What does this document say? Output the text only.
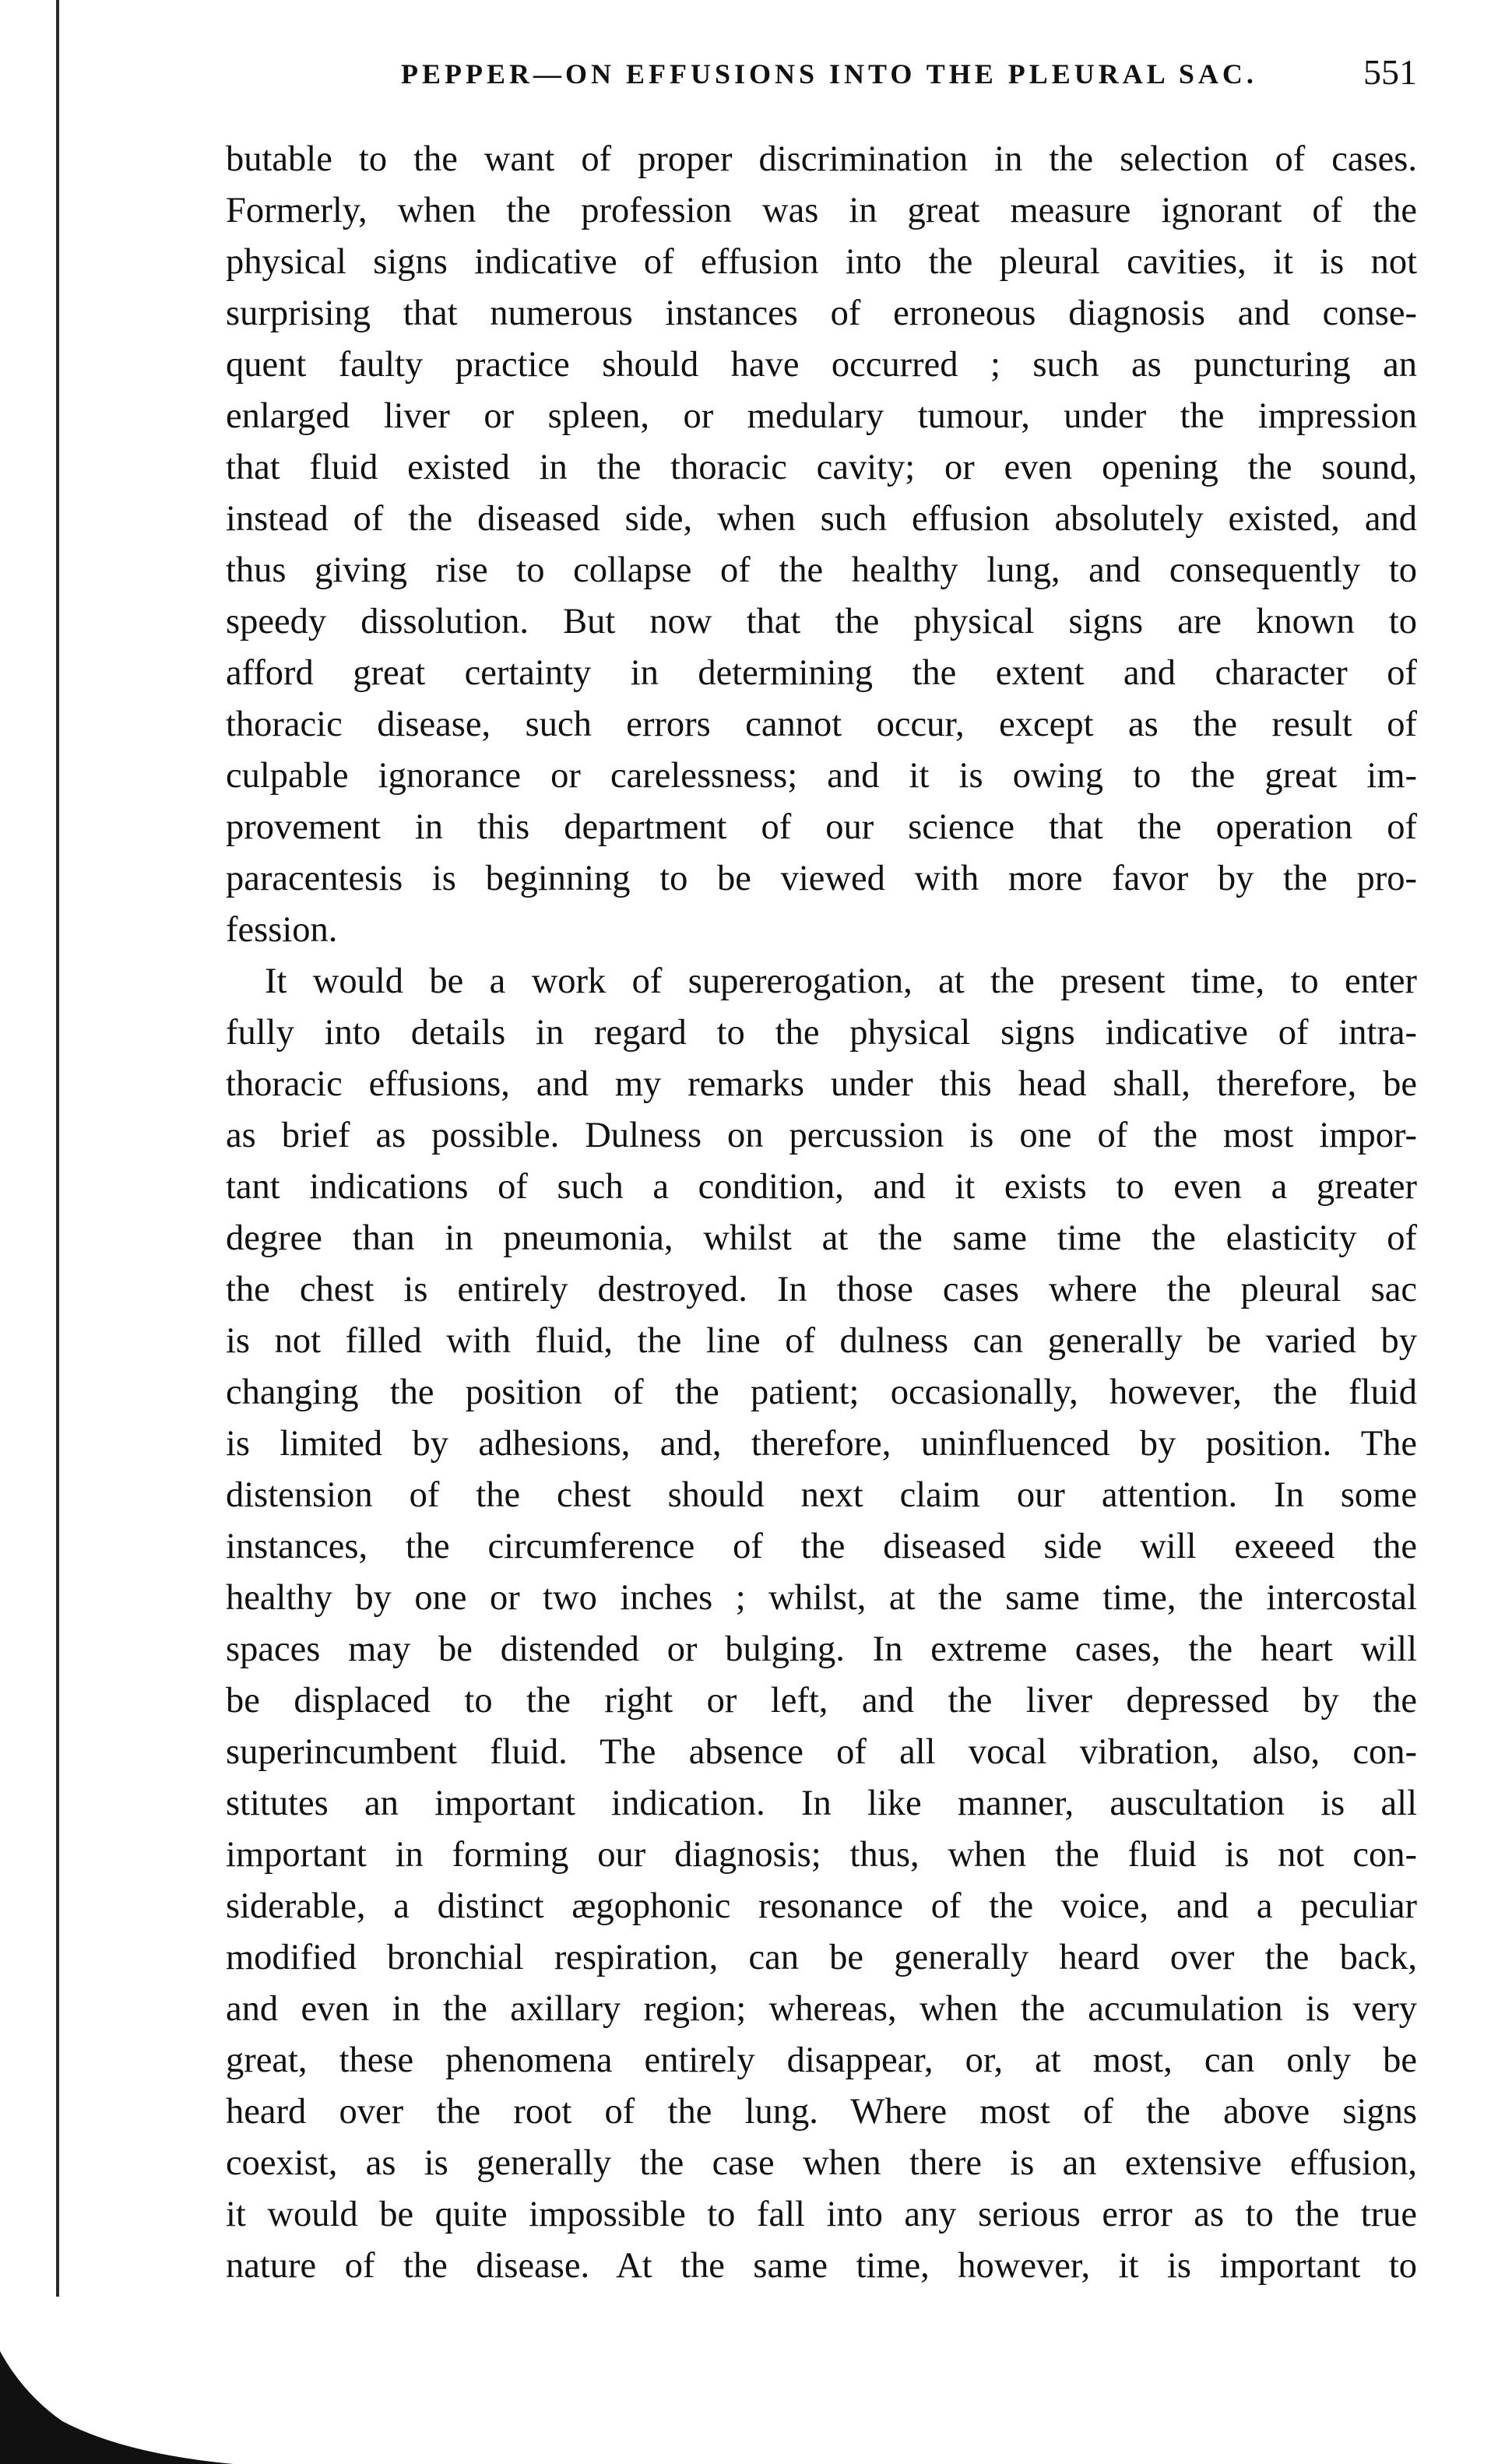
PEPPER—ON EFFUSIONS INTO THE PLEURAL SAC.	551
butable to the want of proper discrimination in the selection of cases.
Formerly, when the profession was in great measure ignorant of the
physical signs indicative of effusion into the pleural cavities, it is not
surprising that numerous instances of erroneous diagnosis and conse-
quent faulty practice should have occurred ; such as puncturing an
enlarged liver or spleen, or medulary tumour, under the impression
that fluid existed in the thoracic cavity; or even opening the sound,
instead of the diseased side, when such effusion absolutely existed, and
thus giving rise to collapse of the healthy lung, and consequently to
speedy dissolution. But now that the physical signs are known to
afford great certainty in determining the extent and character of
thoracic disease, such errors cannot occur, except as the result of
culpable ignorance or carelessness; and it is owing to the great im-
provement in this department of our science that the operation of
paracentesis is beginning to be viewed with more favor by the pro-
fession.
It would be a work of supererogation, at the present time, to enter
fully into details in regard to the physical signs indicative of intra-
thoracic effusions, and my remarks under this head shall, therefore, be
as brief as possible. Dulness on percussion is one of the most impor-
tant indications of such a condition, and it exists to even a greater
degree than in pneumonia, whilst at the same time the elasticity of
the chest is entirely destroyed. In those cases where the pleural sac
is not filled with fluid, the line of dulness can generally be varied by
changing the position of the patient; occasionally, however, the fluid
is limited by adhesions, and, therefore, uninfluenced by position. The
distension of the chest should next claim our attention. In some
instances, the circumference of the diseased side will exeeed the
healthy by one or two inches ; whilst, at the same time, the intercostal
spaces may be distended or bulging. In extreme cases, the heart will
be displaced to the right or left, and the liver depressed by the
superincumbent fluid. The absence of all vocal vibration, also, con-
stitutes an important indication. In like manner, auscultation is all
important in forming our diagnosis; thus, when the fluid is not con-
siderable, a distinct ægophonic resonance of the voice, and a peculiar
modified bronchial respiration, can be generally heard over the back,
and even in the axillary region; whereas, when the accumulation is very
great, these phenomena entirely disappear, or, at most, can only be
heard over the root of the lung. Where most of the above signs
coexist, as is generally the case when there is an extensive effusion,
it would be quite impossible to fall into any serious error as to the true
nature of the disease. At the same time, however, it is important to
